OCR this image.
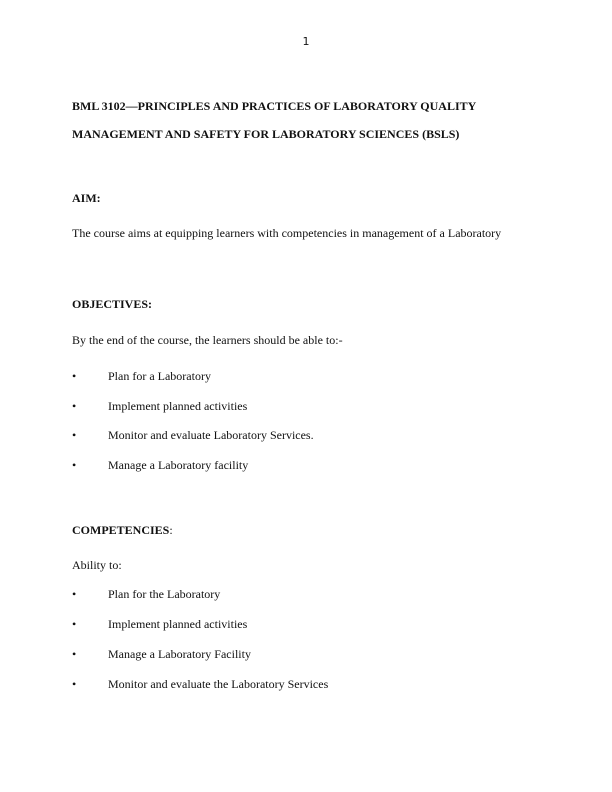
1
BML 3102—PRINCIPLES AND PRACTICES OF LABORATORY QUALITY
MANAGEMENT AND SAFETY FOR LABORATORY SCIENCES (BSLS)
AIM:
The course aims at equipping learners with competencies in management of a Laboratory
OBJECTIVES:
By the end of the course, the learners should be able to:-
•	Plan for a Laboratory
•	Implement planned activities
•	Monitor and evaluate Laboratory Services.
•	Manage a Laboratory facility
COMPETENCIES:
Ability to:
•	Plan for the Laboratory
•	Implement planned activities
•	Manage a Laboratory Facility
•	Monitor and evaluate the Laboratory Services
